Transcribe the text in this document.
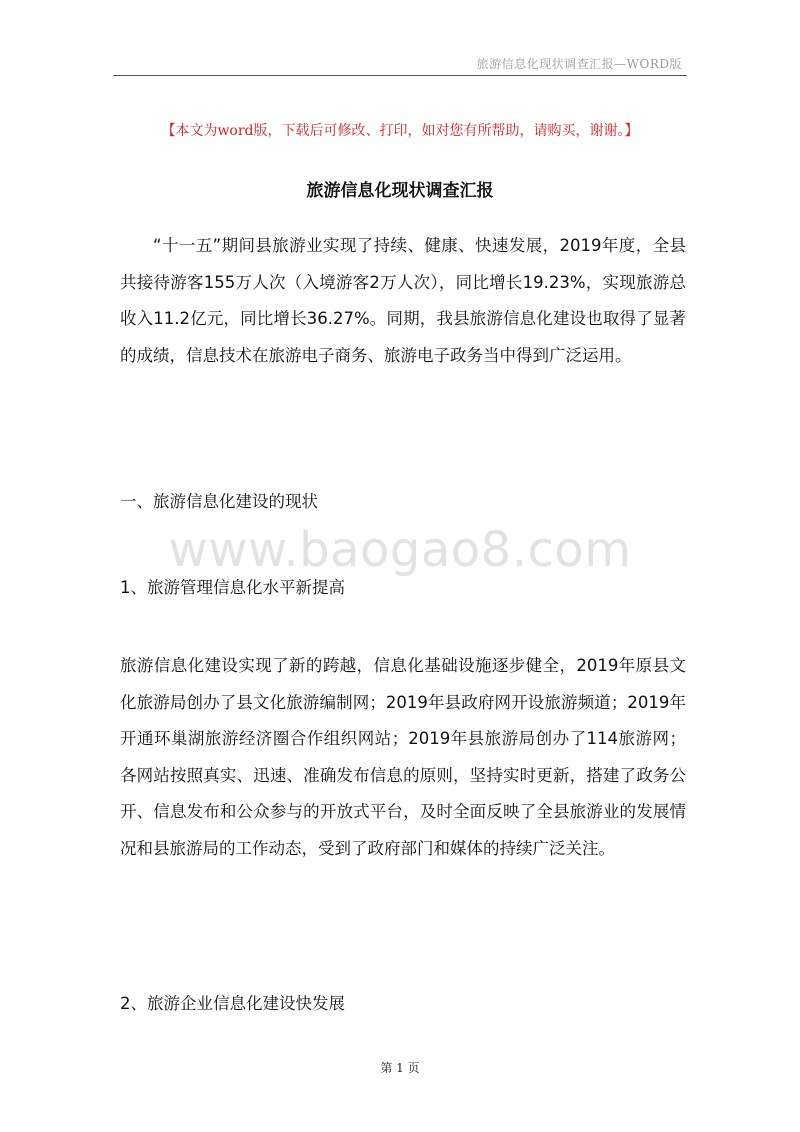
旅游信息化现状调查汇报—WORD版
【本文为word版，下载后可修改、打印，如对您有所帮助，请购买，谢谢。】
旅游信息化现状调查汇报

“十一五”期间县旅游业实现了持续、健康、快速发展，2019年度，全县共接待游客155万人次（入境游客2万人次），同比增长19.23%，实现旅游总收入11.2亿元，同比增长36.27%。同期，我县旅游信息化建设也取得了显著的成绩，信息技术在旅游电子商务、旅游电子政务当中得到广泛运用。

一、旅游信息化建设的现状
www.baogao8.com
1、旅游管理信息化水平新提高

旅游信息化建设实现了新的跨越，信息化基础设施逐步健全，2019年原县文化旅游局创办了县文化旅游编制网；2019年县政府网开设旅游频道；2019年开通环巢湖旅游经济圈合作组织网站；2019年县旅游局创办了114旅游网；各网站按照真实、迅速、准确发布信息的原则，坚持实时更新，搭建了政务公开、信息发布和公众参与的开放式平台，及时全面反映了全县旅游业的发展情况和县旅游局的工作动态，受到了政府部门和媒体的持续广泛关注。

2、旅游企业信息化建设快发展
第 1 页
